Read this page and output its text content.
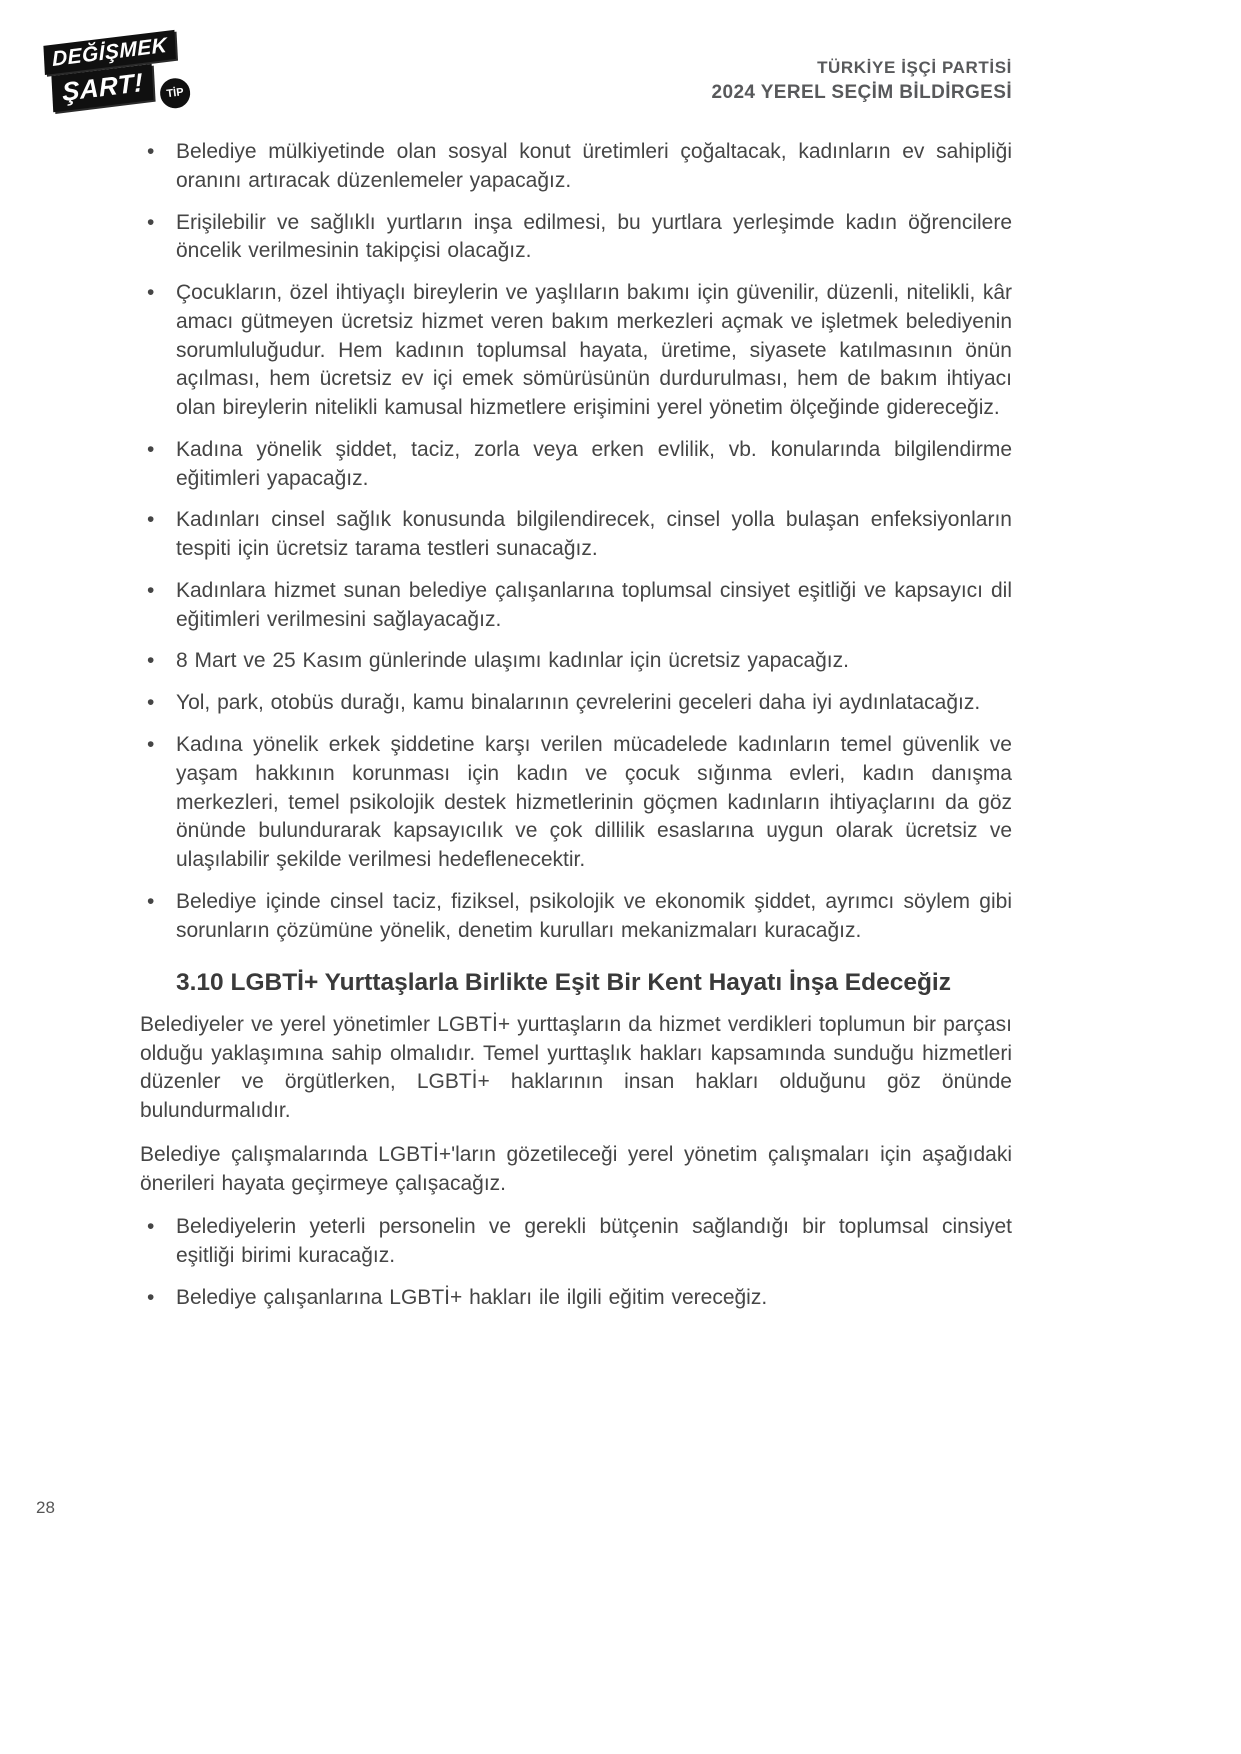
DEĞİŞMEK
ŞART!	TİP
TÜRKİYE İŞÇİ PARTİSİ
2024 YEREL SEÇİM BİLDİRGESİ
• Belediye mülkiyetinde olan sosyal konut üretimleri çoğaltacak, kadınların ev sahipliği oranını artıracak düzenlemeler yapacağız.
• Erişilebilir ve sağlıklı yurtların inşa edilmesi, bu yurtlara yerleşimde kadın öğrencilere öncelik verilmesinin takipçisi olacağız.
• Çocukların, özel ihtiyaçlı bireylerin ve yaşlıların bakımı için güvenilir, düzenli, nitelikli, kâr amacı gütmeyen ücretsiz hizmet veren bakım merkezleri açmak ve işletmek belediyenin sorumluluğudur. Hem kadının toplumsal hayata, üretime, siyasete katılmasının önün açılması, hem ücretsiz ev içi emek sömürüsünün durdurulması, hem de bakım ihtiyacı olan bireylerin nitelikli kamusal hizmetlere erişimini yerel yönetim ölçeğinde gidereceğiz.
• Kadına yönelik şiddet, taciz, zorla veya erken evlilik, vb. konularında bilgilendirme eğitimleri yapacağız.
• Kadınları cinsel sağlık konusunda bilgilendirecek, cinsel yolla bulaşan enfeksiyonların tespiti için ücretsiz tarama testleri sunacağız.
• Kadınlara hizmet sunan belediye çalışanlarına toplumsal cinsiyet eşitliği ve kapsayıcı dil eğitimleri verilmesini sağlayacağız.
• 8 Mart ve 25 Kasım günlerinde ulaşımı kadınlar için ücretsiz yapacağız.
• Yol, park, otobüs durağı, kamu binalarının çevrelerini geceleri daha iyi aydınlatacağız.
• Kadına yönelik erkek şiddetine karşı verilen mücadelede kadınların temel güvenlik ve yaşam hakkının korunması için kadın ve çocuk sığınma evleri, kadın danışma merkezleri, temel psikolojik destek hizmetlerinin göçmen kadınların ihtiyaçlarını da göz önünde bulundurarak kapsayıcılık ve çok dillilik esaslarına uygun olarak ücretsiz ve ulaşılabilir şekilde verilmesi hedeflenecektir.
• Belediye içinde cinsel taciz, fiziksel, psikolojik ve ekonomik şiddet, ayrımcı söylem gibi sorunların çözümüne yönelik, denetim kurulları mekanizmaları kuracağız.
3.10 LGBTİ+ Yurttaşlarla Birlikte Eşit Bir Kent Hayatı İnşa Edeceğiz

Belediyeler ve yerel yönetimler LGBTİ+ yurttaşların da hizmet verdikleri toplumun bir parçası olduğu yaklaşımına sahip olmalıdır. Temel yurttaşlık hakları kapsamında sunduğu hizmetleri düzenler ve örgütlerken, LGBTİ+ haklarının insan hakları olduğunu göz önünde bulundurmalıdır.

Belediye çalışmalarında LGBTİ+'ların gözetileceği yerel yönetim çalışmaları için aşağıdaki önerileri hayata geçirmeye çalışacağız.

• Belediyelerin yeterli personelin ve gerekli bütçenin sağlandığı bir toplumsal cinsiyet eşitliği birimi kuracağız.
• Belediye çalışanlarına LGBTİ+ hakları ile ilgili eğitim vereceğiz.
28
